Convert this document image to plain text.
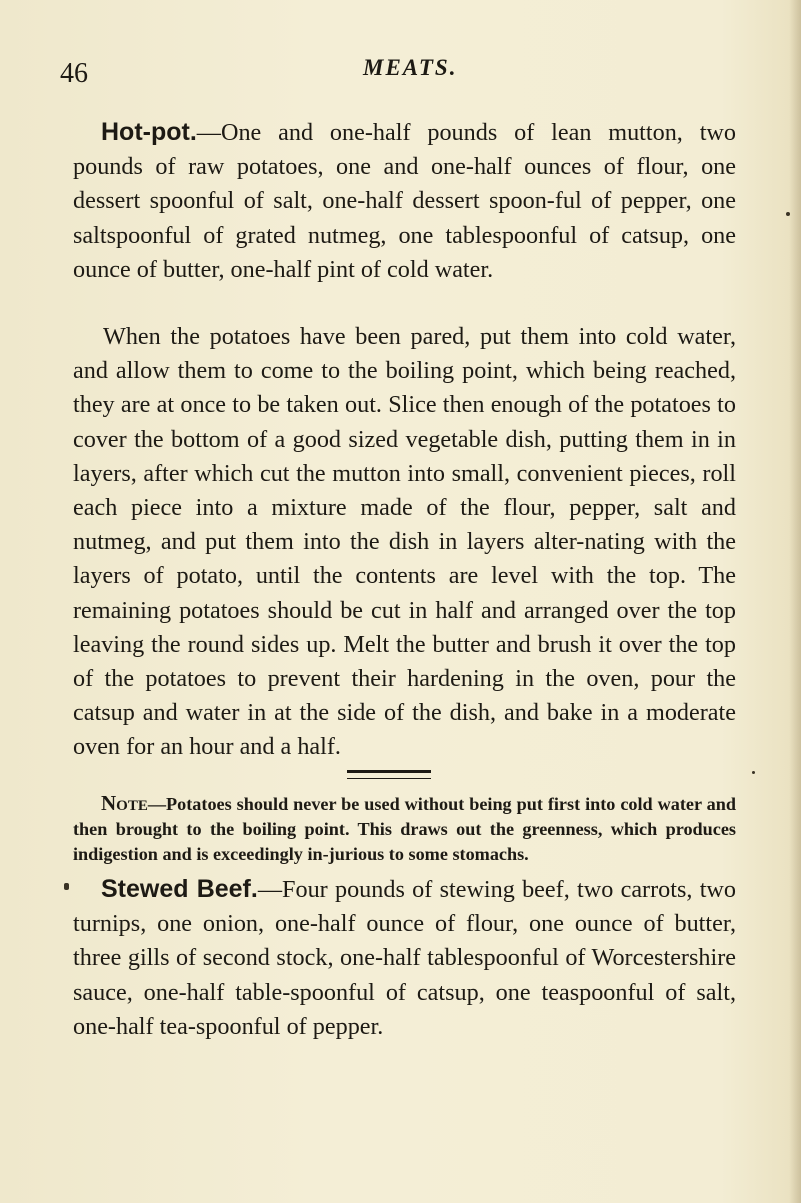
46	MEATS.

Hot-pot.—One and one-half pounds of lean mutton, two pounds of raw potatoes, one and one-half ounces of flour, one dessert spoonful of salt, one-half dessert spoon-ful of pepper, one saltspoonful of grated nutmeg, one tablespoonful of catsup, one ounce of butter, one-half pint of cold water.

When the potatoes have been pared, put them into cold water, and allow them to come to the boiling point, which being reached, they are at once to be taken out. Slice then enough of the potatoes to cover the bottom of a good sized vegetable dish, putting them in in layers, after which cut the mutton into small, convenient pieces, roll each piece into a mixture made of the flour, pepper, salt and nutmeg, and put them into the dish in layers alter-nating with the layers of potato, until the contents are level with the top. The remaining potatoes should be cut in half and arranged over the top leaving the round sides up. Melt the butter and brush it over the top of the potatoes to prevent their hardening in the oven, pour the catsup and water in at the side of the dish, and bake in a moderate oven for an hour and a half.

Note—Potatoes should never be used without being put first into cold water and then brought to the boiling point. This draws out the greenness, which produces indigestion and is exceedingly in-jurious to some stomachs.

Stewed Beef.—Four pounds of stewing beef, two carrots, two turnips, one onion, one-half ounce of flour, one ounce of butter, three gills of second stock, one-half tablespoonful of Worcestershire sauce, one-half table-spoonful of catsup, one teaspoonful of salt, one-half tea-spoonful of pepper.
